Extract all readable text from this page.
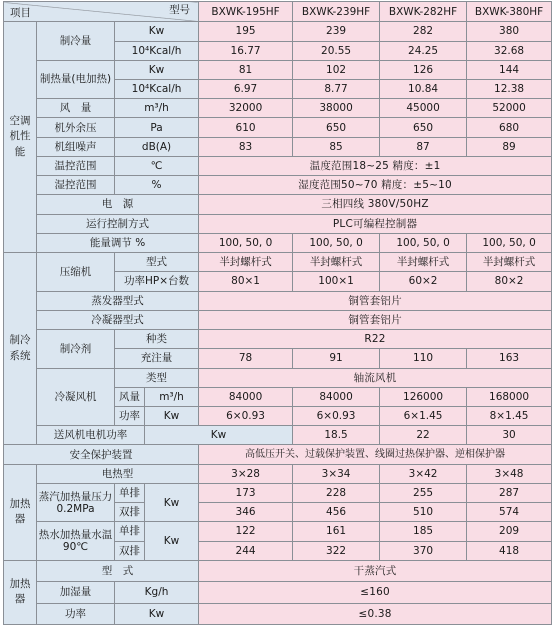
项目 型号				BXWK-195HF	BXWK-239HF	BXWK-282HF	BXWK-380HF	
空调机性能	制冷量	Kw		195	239	282	380	
		10⁴Kcal/h		16.77	20.55	24.25	32.68	
	制热量(电加热)	Kw		81	102	126	144	
		10⁴Kcal/h		6.97	8.77	10.84	12.38	
	风　量	m³/h		32000	38000	45000	52000	
	机外余压	Pa		610	650	650	680	
	机组噪声	dB(A)		83	85	87	89	
	温控范围	℃		温度范围18~25 精度：±1				
	湿控范围	%		湿度范围50~70 精度：±5~10				
	电　源			三相四线 380V/50HZ				
	运行控制方式			PLC可编程控制器				
	能量调节 %			100, 50, 0	100, 50, 0	100, 50, 0	100, 50, 0	
制冷系统	压缩机	型式		半封螺杆式	半封螺杆式	半封螺杆式	半封螺杆式	
		功率HP×台数		80×1	100×1	60×2	80×2	
	蒸发器型式			铜管套铝片				
	冷凝器型式			铜管套铝片				
	制冷剂	种类		R22				
		充注量		78	91	110	163	
	冷凝风机	类型		轴流风机				
		风量	m³/h	84000	84000	126000	168000	
		功率	Kw	6×0.93	6×0.93	6×1.45	8×1.45	
	送风机电机功率		Kw		18.5	22	30	
安全保护装置				高低压开关、过载保护装置、线圈过热保护器、逆相保护器				
加热器	电热型			3×28	3×34	3×42	3×48	
	蒸汽加热量压力0.2MPa	单排	Kw	173	228	255	287	
		双排		346	456	510	574	
	热水加热量水温90℃	单排	Kw	122	161	185	209	
		双排		244	322	370	418	
加热器	型　式			干蒸汽式				
	加湿量	Kg/h		≤160				
	功率	Kw		≤0.38				
